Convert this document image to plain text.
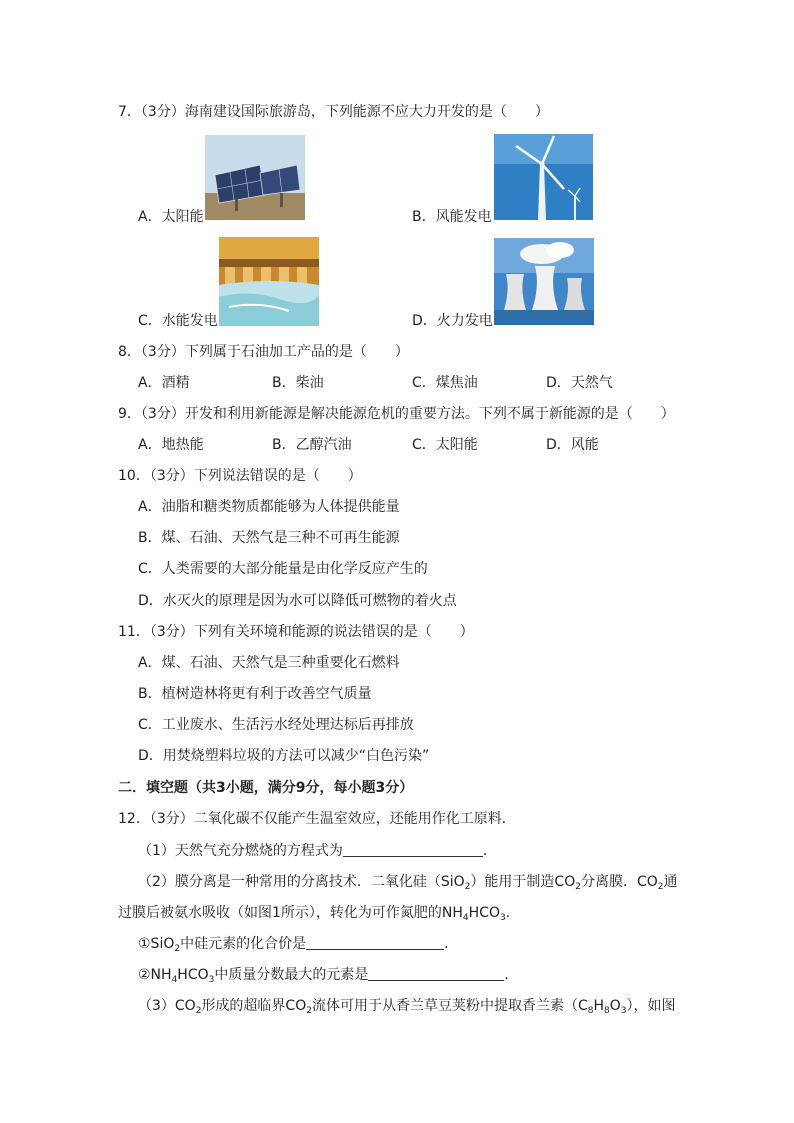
7．（3分）海南建设国际旅游岛，下列能源不应大力开发的是（　　）
A．太阳能	B．风能发电
C．水能发电	D．火力发电
8．（3分）下列属于石油加工产品的是（　　）
A．酒精	B．柴油	C．煤焦油	D．天然气
9．（3分）开发和利用新能源是解决能源危机的重要方法。下列不属于新能源的是（　　）
A．地热能	B．乙醇汽油	C．太阳能	D．风能
10．（3分）下列说法错误的是（　　）
A．油脂和糖类物质都能够为人体提供能量
B．煤、石油、天然气是三种不可再生能源
C．人类需要的大部分能量是由化学反应产生的
D．水灭火的原理是因为水可以降低可燃物的着火点
11．（3分）下列有关环境和能源的说法错误的是（　　）
A．煤、石油、天然气是三种重要化石燃料
B．植树造林将更有利于改善空气质量
C．工业废水、生活污水经处理达标后再排放
D．用焚烧塑料垃圾的方法可以减少“白色污染”
二．填空题（共3小题，满分9分，每小题3分）
12．（3分）二氧化碳不仅能产生温室效应，还能用作化工原料．
（1）天然气充分燃烧的方程式为	．
（2）膜分离是一种常用的分离技术．二氧化硅（SiO$_2$）能用于制造$CO_2$分离膜．$CO_2$通
过膜后被氨水吸收（如图1所示），转化为可作氮肥的$NH_4HCO_3$．
①SiO$_2$中硅元素的化合价是	．
$②NH_4HCO_3$中质量分数最大的元素是	．
$(3)CO_2$形成的超临界$CO_2$流体可用于从香兰草豆荚粉中提取香兰素$(C_8H_8O_3)$，如图
